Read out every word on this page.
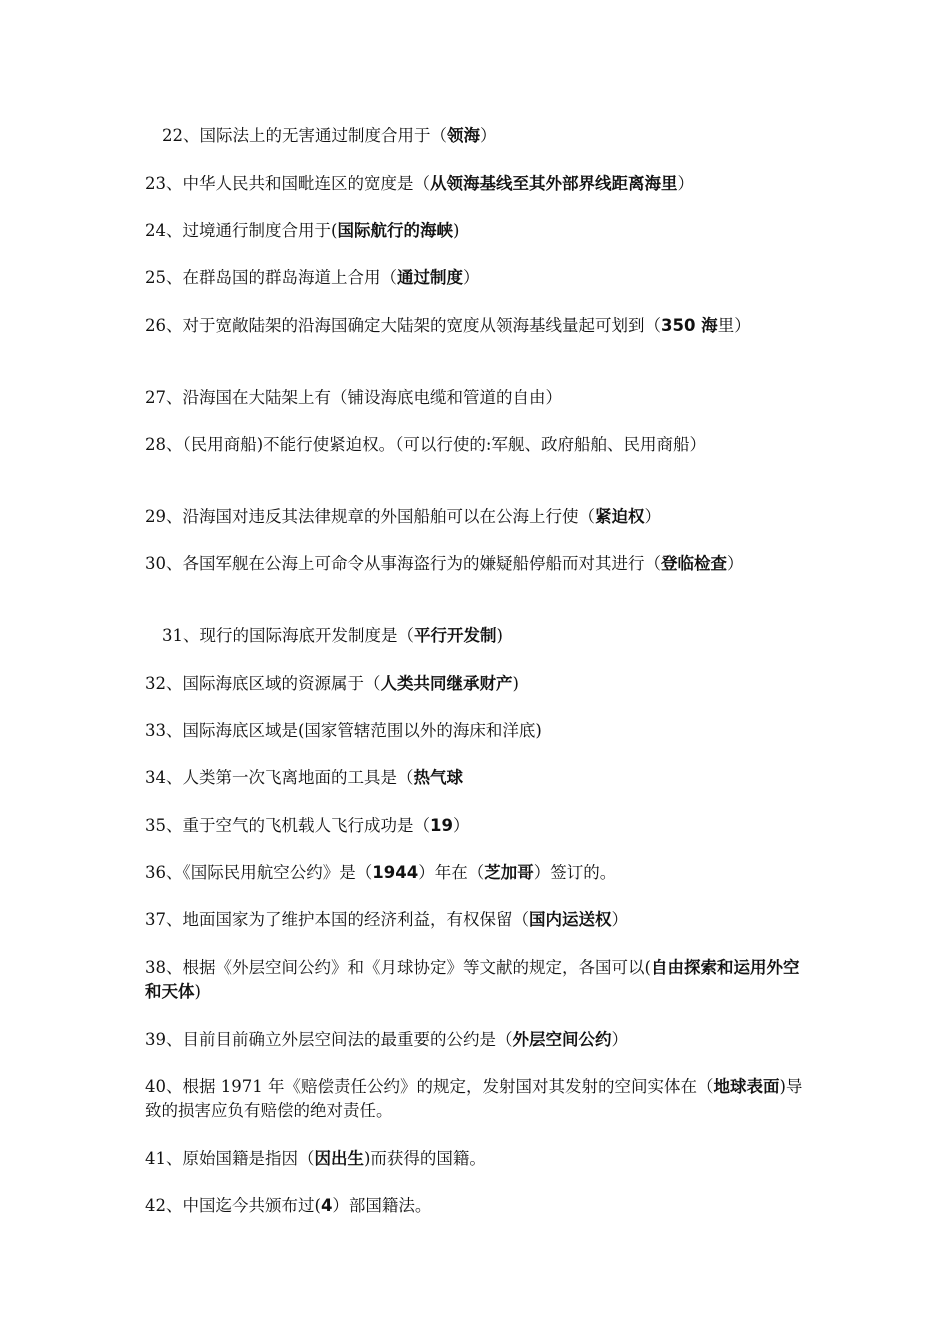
22、国际法上的无害通过制度合用于（领海）
23、中华人民共和国毗连区的宽度是（从领海基线至其外部界线距离海里）
24、过境通行制度合用于(国际航行的海峡)
25、在群岛国的群岛海道上合用（通过制度）
26、对于宽敞陆架的沿海国确定大陆架的宽度从领海基线量起可划到（350 海里）
27、沿海国在大陆架上有（铺设海底电缆和管道的自由）
28、（民用商船)不能行使紧迫权。（可以行使的:军舰、政府船舶、民用商船）
29、沿海国对违反其法律规章的外国船舶可以在公海上行使（紧迫权）
30、各国军舰在公海上可命令从事海盗行为的嫌疑船停船而对其进行（登临检查）
31、现行的国际海底开发制度是（平行开发制)
32、国际海底区域的资源属于（人类共同继承财产)
33、国际海底区域是(国家管辖范围以外的海床和洋底)
34、人类第一次飞离地面的工具是（热气球
35、重于空气的飞机载人飞行成功是（19）
36、《国际民用航空公约》是（1944）年在（芝加哥）签订的。
37、地面国家为了维护本国的经济利益，有权保留（国内运送权）
38、根据《外层空间公约》和《月球协定》等文献的规定，各国可以(自由探索和运用外空和天体)
39、目前目前确立外层空间法的最重要的公约是（外层空间公约）
40、根据 1971 年《赔偿责任公约》的规定，发射国对其发射的空间实体在（地球表面)导致的损害应负有赔偿的绝对责任。
41、原始国籍是指因（因出生)而获得的国籍。
42、中国迄今共颁布过(4）部国籍法。
